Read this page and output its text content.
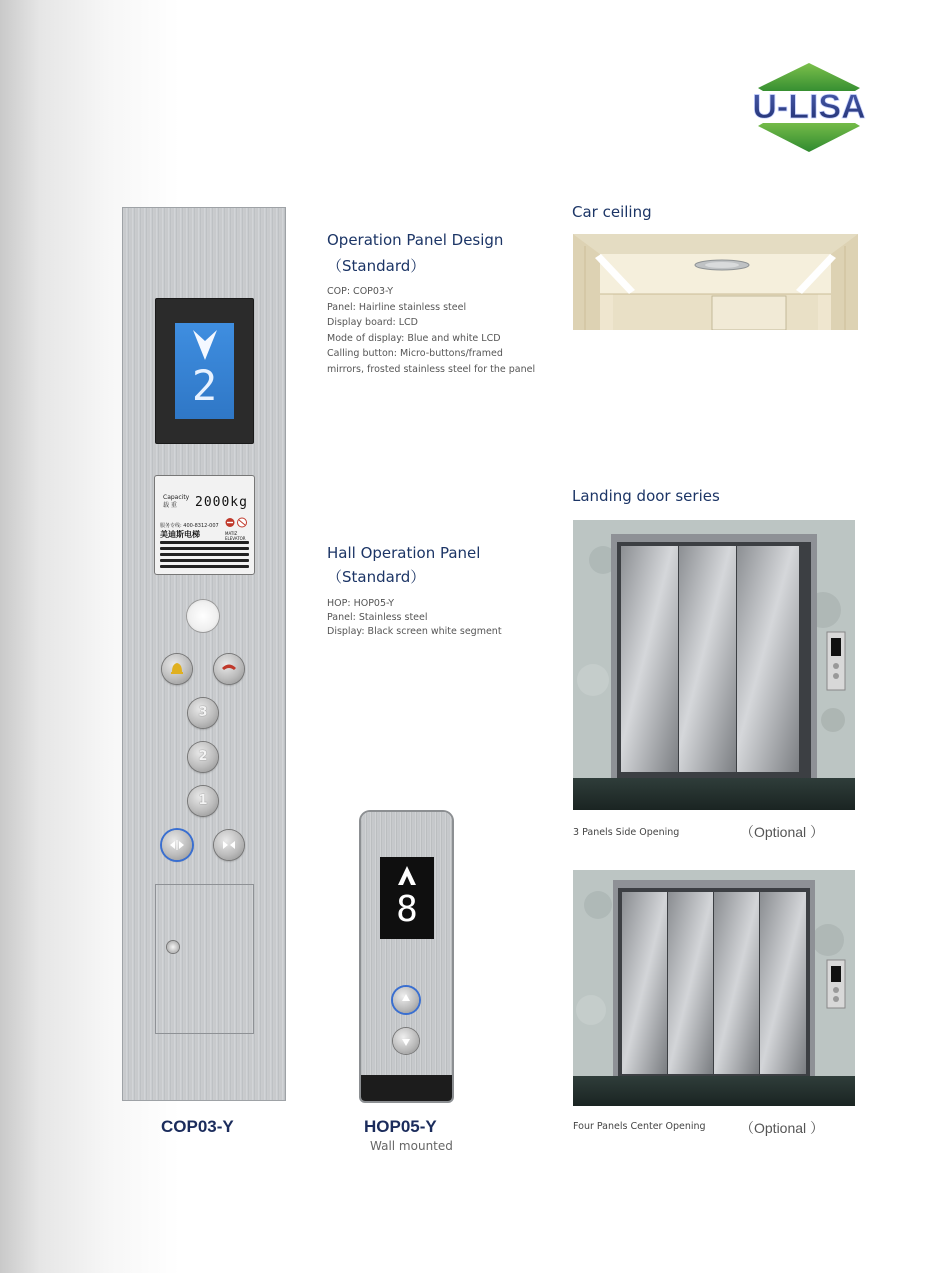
U-LISA
2
Capacity
载 重	2000kg
服务专线: 400-8312-007
美迪斯电梯	MATIZ ELEVATOR
3
2
1
COP03-Y
8
HOP05-Y
Wall mounted
Operation Panel Design
（Standard）
COP: COP03-Y
Panel: Hairline stainless steel
Display board: LCD
Mode of display: Blue and white LCD
Calling button: Micro-buttons/framed
mirrors, frosted stainless steel for the panel
Hall Operation Panel
（Standard）
HOP: HOP05-Y
Panel: Stainless steel
Display: Black screen white segment
Car ceiling
Landing door series
3 Panels Side Opening	（Optional ）
Four Panels Center Opening （Optional ）
